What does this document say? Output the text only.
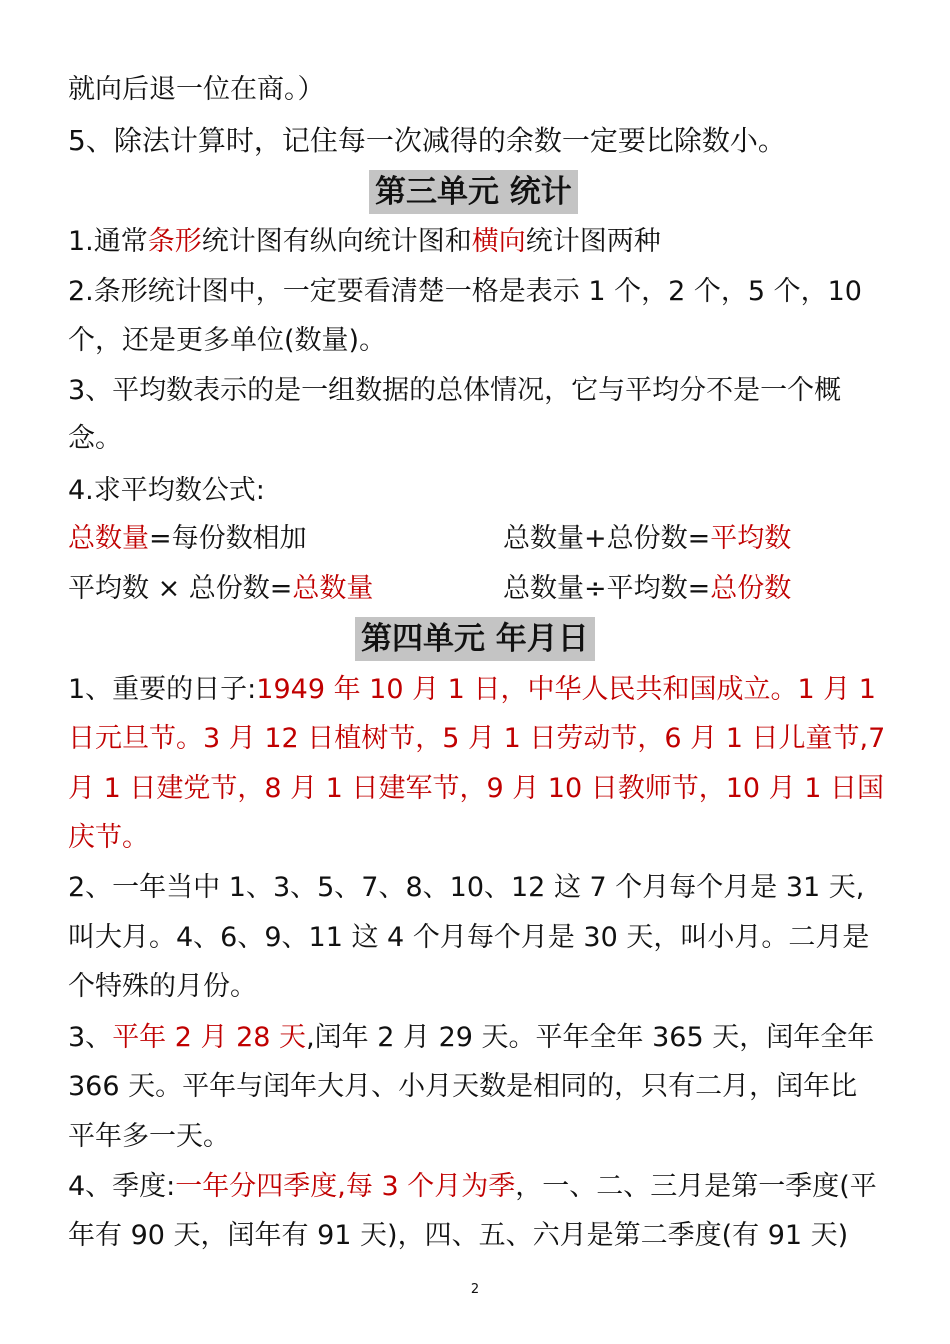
就向后退一位在商。）
5、除法计算时，记住每一次减得的余数一定要比除数小。
第三单元 统计
1.通常条形统计图有纵向统计图和横向统计图两种
2.条形统计图中，一定要看清楚一格是表示 1 个，2 个，5 个，10
个，还是更多单位(数量)。
3、平均数表示的是一组数据的总体情况，它与平均分不是一个概
念。
4.求平均数公式:
总数量=每份数相加	总数量+总份数=平均数
平均数 × 总份数=总数量	总数量÷平均数=总份数
第四单元 年月日
1、重要的日子:1949 年 10 月 1 日，中华人民共和国成立。1 月 1
日元旦节。3 月 12 日植树节，5 月 1 日劳动节，6 月 1 日儿童节,7
月 1 日建党节，8 月 1 日建军节，9 月 10 日教师节，10 月 1 日国
庆节。
2、一年当中 1、3、5、7、8、10、12 这 7 个月每个月是 31 天,
叫大月。4、6、9、11 这 4 个月每个月是 30 天，叫小月。二月是
个特殊的月份。
3、平年 2 月 28 天,闰年 2 月 29 天。平年全年 365 天，闰年全年
366 天。平年与闰年大月、小月天数是相同的，只有二月，闰年比
平年多一天。
4、季度:一年分四季度,每 3 个月为季，一、二、三月是第一季度(平
年有 90 天，闰年有 91 天)，四、五、六月是第二季度(有 91 天)
2
